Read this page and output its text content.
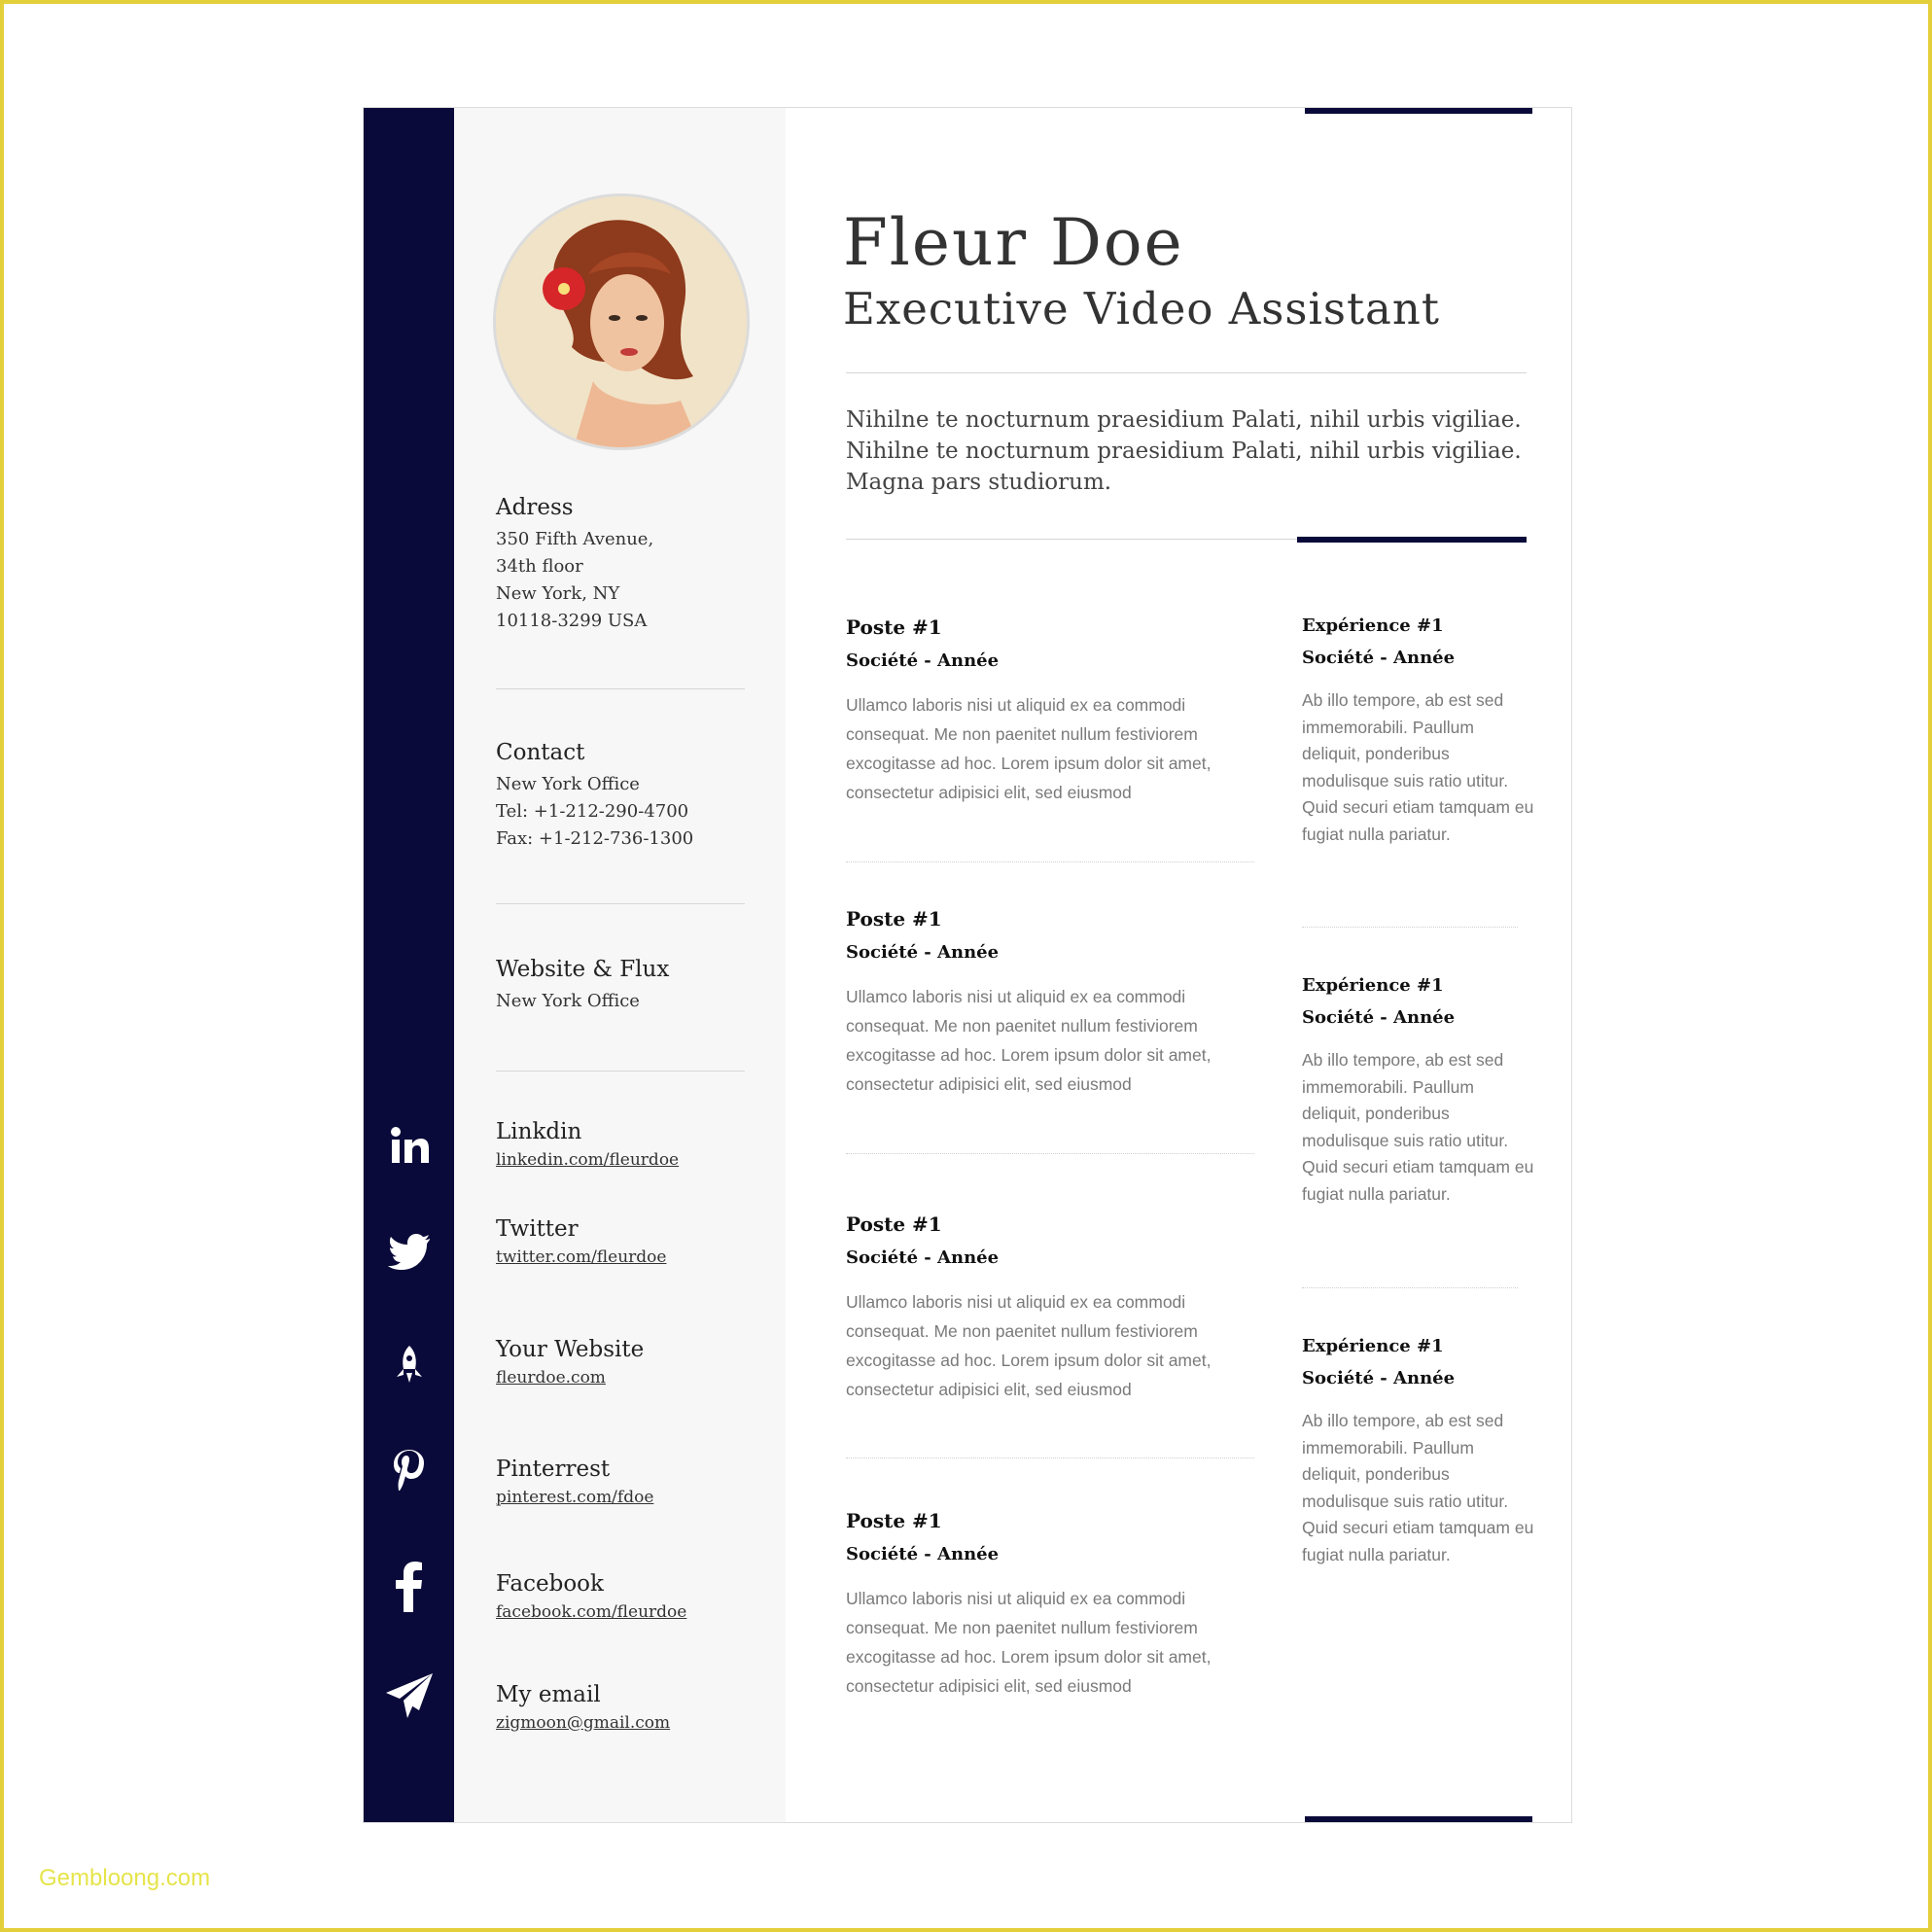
Adress
350 Fifth Avenue,
34th floor
New York, NY
10118-3299 USA
Contact
New York Office
Tel: +1-212-290-4700
Fax: +1-212-736-1300
Website & Flux
New York Office
Linkdin
linkedin.com/fleurdoe
Twitter
twitter.com/fleurdoe
Your Website
fleurdoe.com
Pinterrest
pinterest.com/fdoe
Facebook
facebook.com/fleurdoe
My email
zigmoon@gmail.com
Fleur Doe
Executive Video Assistant
Nihilne te nocturnum praesidium Palati, nihil urbis vigiliae. Nihilne te nocturnum praesidium Palati, nihil urbis vigiliae. Magna pars studiorum.
Poste #1
Société - Année
Ullamco laboris nisi ut aliquid ex ea commodi consequat. Me non paenitet nullum festiviorem excogitasse ad hoc. Lorem ipsum dolor sit amet, consectetur adipisici elit, sed eiusmod
Poste #1
Société - Année
Ullamco laboris nisi ut aliquid ex ea commodi consequat. Me non paenitet nullum festiviorem excogitasse ad hoc. Lorem ipsum dolor sit amet, consectetur adipisici elit, sed eiusmod
Poste #1
Société - Année
Ullamco laboris nisi ut aliquid ex ea commodi consequat. Me non paenitet nullum festiviorem excogitasse ad hoc. Lorem ipsum dolor sit amet, consectetur adipisici elit, sed eiusmod
Poste #1
Société - Année
Ullamco laboris nisi ut aliquid ex ea commodi consequat. Me non paenitet nullum festiviorem excogitasse ad hoc. Lorem ipsum dolor sit amet, consectetur adipisici elit, sed eiusmod
Expérience #1
Société - Année
Ab illo tempore, ab est sed immemorabili. Paullum deliquit, ponderibus modulisque suis ratio utitur. Quid securi etiam tamquam eu fugiat nulla pariatur.
Expérience #1
Société - Année
Ab illo tempore, ab est sed immemorabili. Paullum deliquit, ponderibus modulisque suis ratio utitur. Quid securi etiam tamquam eu fugiat nulla pariatur.
Expérience #1
Société - Année
Ab illo tempore, ab est sed immemorabili. Paullum deliquit, ponderibus modulisque suis ratio utitur. Quid securi etiam tamquam eu fugiat nulla pariatur.
Gembloong.com
